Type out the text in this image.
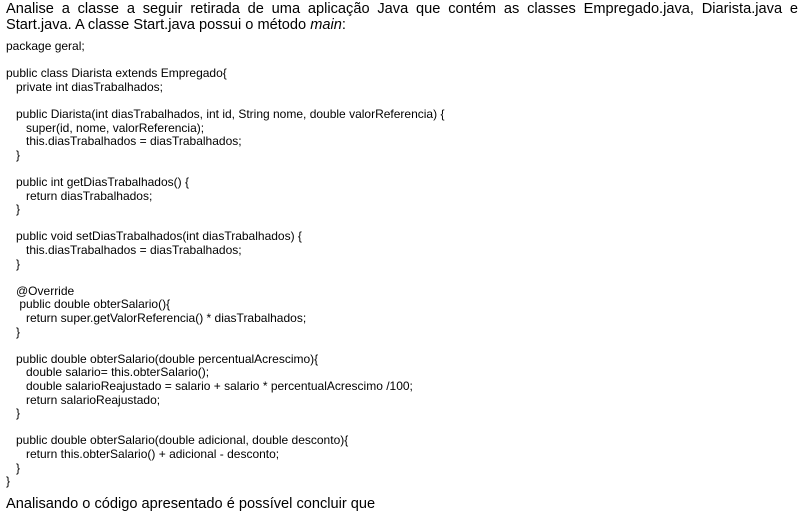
Analise a classe a seguir retirada de uma aplicação Java que contém as classes Empregado.java, Diarista.java e Start.java. A classe Start.java possui o método main:

package geral;
public class Diarista extends Empregado{
private int diasTrabalhados;
public Diarista(int diasTrabalhados, int id, String nome, double valorReferencia) {
super(id, nome, valorReferencia);
this.diasTrabalhados = diasTrabalhados;
}
public int getDiasTrabalhados() {
return diasTrabalhados;
}
public void setDiasTrabalhados(int diasTrabalhados) {
this.diasTrabalhados = diasTrabalhados;
}
@Override
public double obterSalario(){
return super.getValorReferencia() * diasTrabalhados;
}
public double obterSalario(double percentualAcrescimo){
double salario= this.obterSalario();
double salarioReajustado = salario + salario * percentualAcrescimo /100;
return salarioReajustado;
}
public double obterSalario(double adicional, double desconto){
return this.obterSalario() + adicional - desconto;
}
}

Analisando o código apresentado é possível concluir que
